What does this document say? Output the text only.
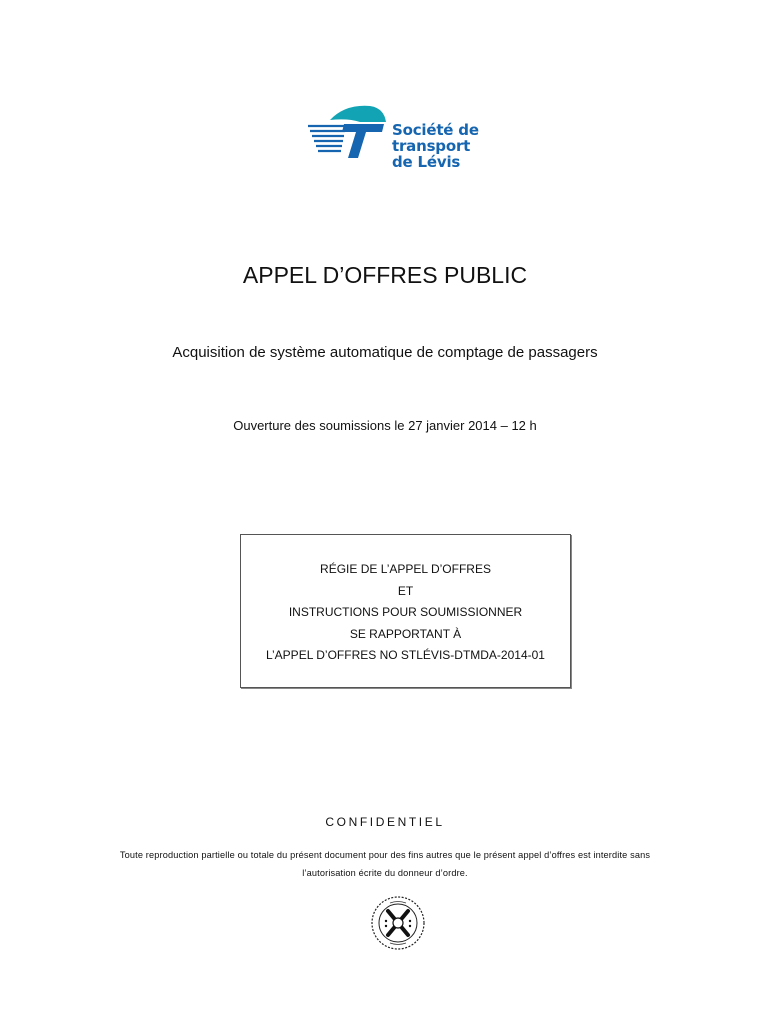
Société de
transport
de Lévis
APPEL D’OFFRES PUBLIC
Acquisition de système automatique de comptage de passagers
Ouverture des soumissions le 27 janvier 2014 – 12 h
RÉGIE DE L’APPEL D’OFFRES
ET
INSTRUCTIONS POUR SOUMISSIONNER
SE RAPPORTANT À
L’APPEL D’OFFRES NO STLÉVIS-DTMDA-2014-01
CONFIDENTIEL
Toute reproduction partielle ou totale du présent document pour des fins autres que le présent appel d’offres est interdite sans
l’autorisation écrite du donneur d’ordre.
